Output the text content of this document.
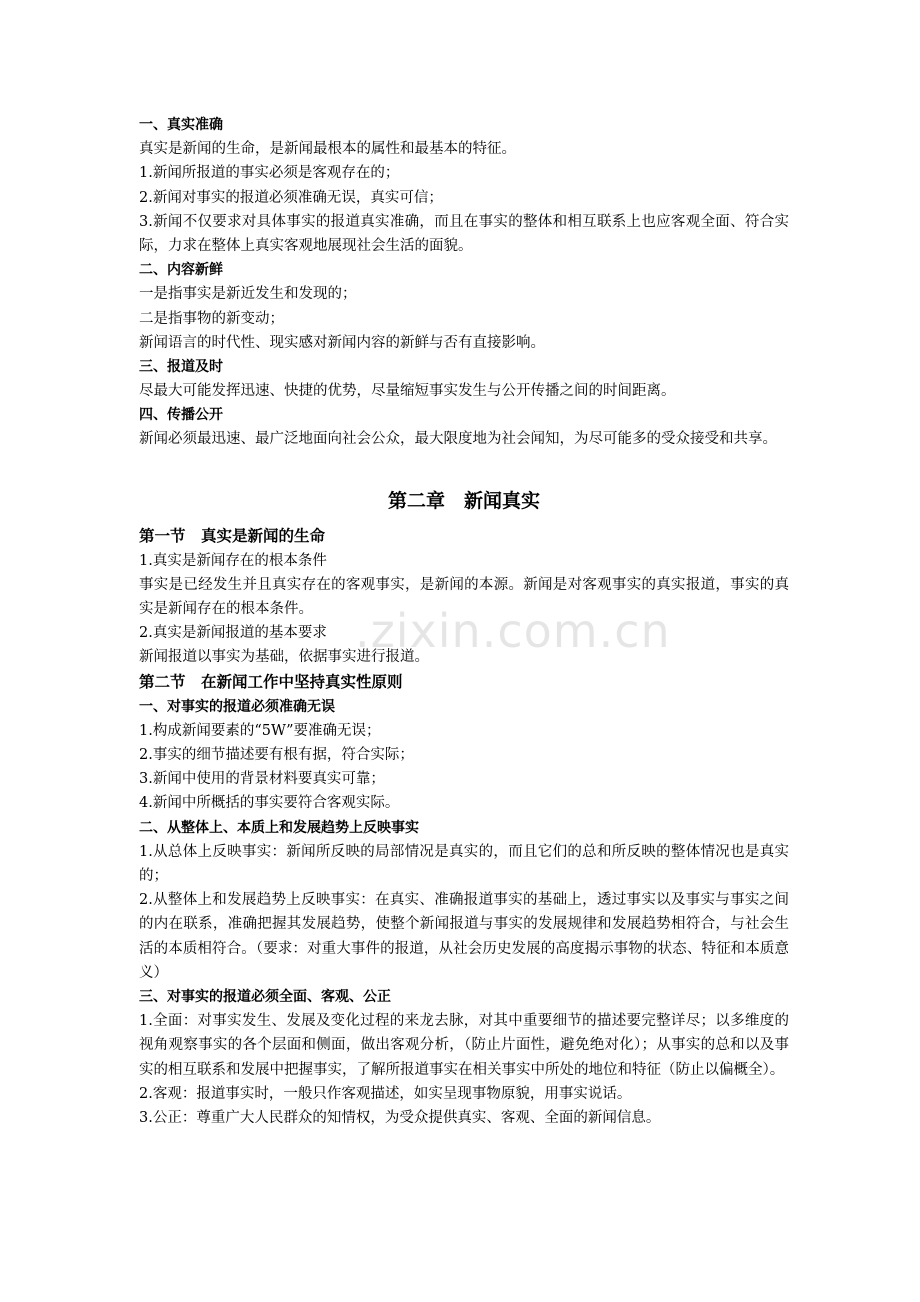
.zixin.com.cn
一、真实准确
真实是新闻的生命，是新闻最根本的属性和最基本的特征。
1.新闻所报道的事实必须是客观存在的；
2.新闻对事实的报道必须准确无误，真实可信；
3.新闻不仅要求对具体事实的报道真实准确，而且在事实的整体和相互联系上也应客观全面、符合实际，力求在整体上真实客观地展现社会生活的面貌。
二、内容新鲜
一是指事实是新近发生和发现的；
二是指事物的新变动；
新闻语言的时代性、现实感对新闻内容的新鲜与否有直接影响。
三、报道及时
尽最大可能发挥迅速、快捷的优势，尽量缩短事实发生与公开传播之间的时间距离。
四、传播公开
新闻必须最迅速、最广泛地面向社会公众，最大限度地为社会闻知，为尽可能多的受众接受和共享。
第二章　新闻真实
第一节　真实是新闻的生命
1.真实是新闻存在的根本条件
事实是已经发生并且真实存在的客观事实，是新闻的本源。新闻是对客观事实的真实报道，事实的真实是新闻存在的根本条件。
2.真实是新闻报道的基本要求
新闻报道以事实为基础，依据事实进行报道。
第二节　在新闻工作中坚持真实性原则
一、对事实的报道必须准确无误
1.构成新闻要素的“5W”要准确无误；
2.事实的细节描述要有根有据，符合实际；
3.新闻中使用的背景材料要真实可靠；
4.新闻中所概括的事实要符合客观实际。
二、从整体上、本质上和发展趋势上反映事实
1.从总体上反映事实：新闻所反映的局部情况是真实的，而且它们的总和所反映的整体情况也是真实的；
2.从整体上和发展趋势上反映事实：在真实、准确报道事实的基础上，透过事实以及事实与事实之间的内在联系，准确把握其发展趋势，使整个新闻报道与事实的发展规律和发展趋势相符合，与社会生活的本质相符合。（要求：对重大事件的报道，从社会历史发展的高度揭示事物的状态、特征和本质意义）
三、对事实的报道必须全面、客观、公正
1.全面：对事实发生、发展及变化过程的来龙去脉，对其中重要细节的描述要完整详尽；以多维度的视角观察事实的各个层面和侧面，做出客观分析，（防止片面性，避免绝对化）；从事实的总和以及事实的相互联系和发展中把握事实，了解所报道事实在相关事实中所处的地位和特征（防止以偏概全）。
2.客观：报道事实时，一般只作客观描述，如实呈现事物原貌，用事实说话。
3.公正：尊重广大人民群众的知情权，为受众提供真实、客观、全面的新闻信息。
